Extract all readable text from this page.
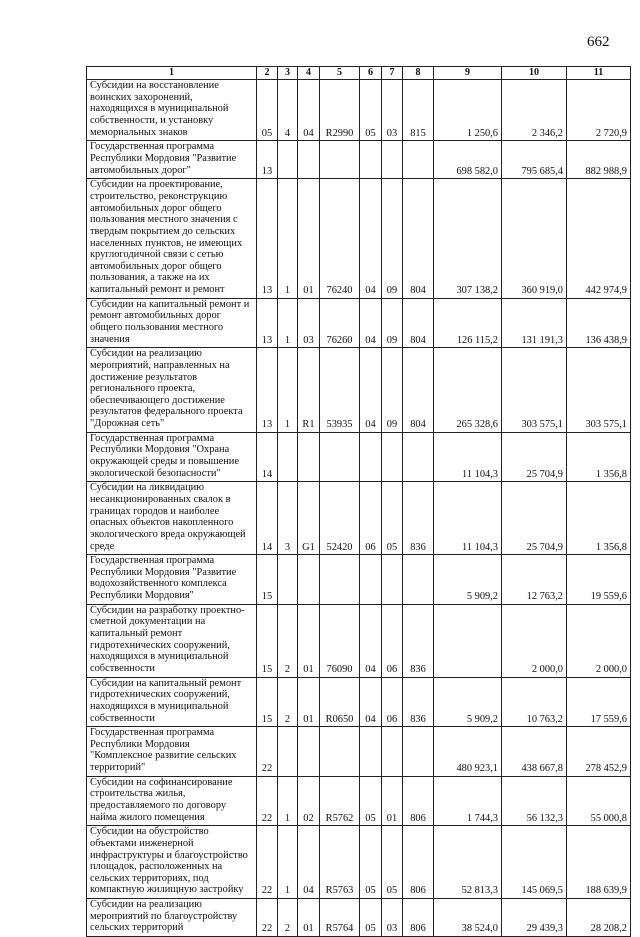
662
1	2	3	4	5	6	7	8	9	10	11
Субсидии на восстановление воинских захоронений, находящихся в муниципальной собственности, и установку мемориальных знаков	05	4	04	R2990	05	03	815	1 250,6	2 346,2	2 720,9
Государственная программа Республики Мордовия "Развитие автомобильных дорог"	13							698 582,0	795 685,4	882 988,9
Субсидии на проектирование, строительство, реконструкцию автомобильных дорог общего пользования местного значения с твердым покрытием до сельских населенных пунктов, не имеющих круглогодичной связи с сетью автомобильных дорог общего пользования, а также на их капитальный ремонт и ремонт	13	1	01	76240	04	09	804	307 138,2	360 919,0	442 974,9
Субсидии на капитальный ремонт и ремонт автомобильных дорог общего пользования местного значения	13	1	03	76260	04	09	804	126 115,2	131 191,3	136 438,9
Субсидии на реализацию мероприятий, направленных на достижение результатов регионального проекта, обеспечивающего достижение результатов федерального проекта "Дорожная сеть"	13	1	R1	53935	04	09	804	265 328,6	303 575,1	303 575,1
Государственная программа Республики Мордовия "Охрана окружающей среды и повышение экологической безопасности"	14							11 104,3	25 704,9	1 356,8
Субсидии на ликвидацию несанкционированных свалок в границах городов и наиболее опасных объектов накопленного экологического вреда окружающей среде	14	3	G1	52420	06	05	836	11 104,3	25 704,9	1 356,8
Государственная программа Республики Мордовия "Развитие водохозяйственного комплекса Республики Мордовия"	15							5 909,2	12 763,2	19 559,6
Субсидии на разработку проектно-сметной документации на капитальный ремонт гидротехнических сооружений, находящихся в муниципальной собственности	15	2	01	76090	04	06	836		2 000,0	2 000,0
Субсидии на капитальный ремонт гидротехнических сооружений, находящихся в муниципальной собственности	15	2	01	R0650	04	06	836	5 909,2	10 763,2	17 559,6
Государственная программа Республики Мордовия "Комплексное развитие сельских территорий"	22							480 923,1	438 667,8	278 452,9
Субсидии на софинансирование строительства жилья, предоставляемого по договору найма жилого помещения	22	1	02	R5762	05	01	806	1 744,3	56 132,3	55 000,8
Субсидии на обустройство объектами инженерной инфраструктуры и благоустройство площадок, расположенных на сельских территориях, под компактную жилищную застройку	22	1	04	R5763	05	05	806	52 813,3	145 069,5	188 639,9
Субсидии на реализацию мероприятий по благоустройству сельских территорий	22	2	01	R5764	05	03	806	38 524,0	29 439,3	28 208,2
